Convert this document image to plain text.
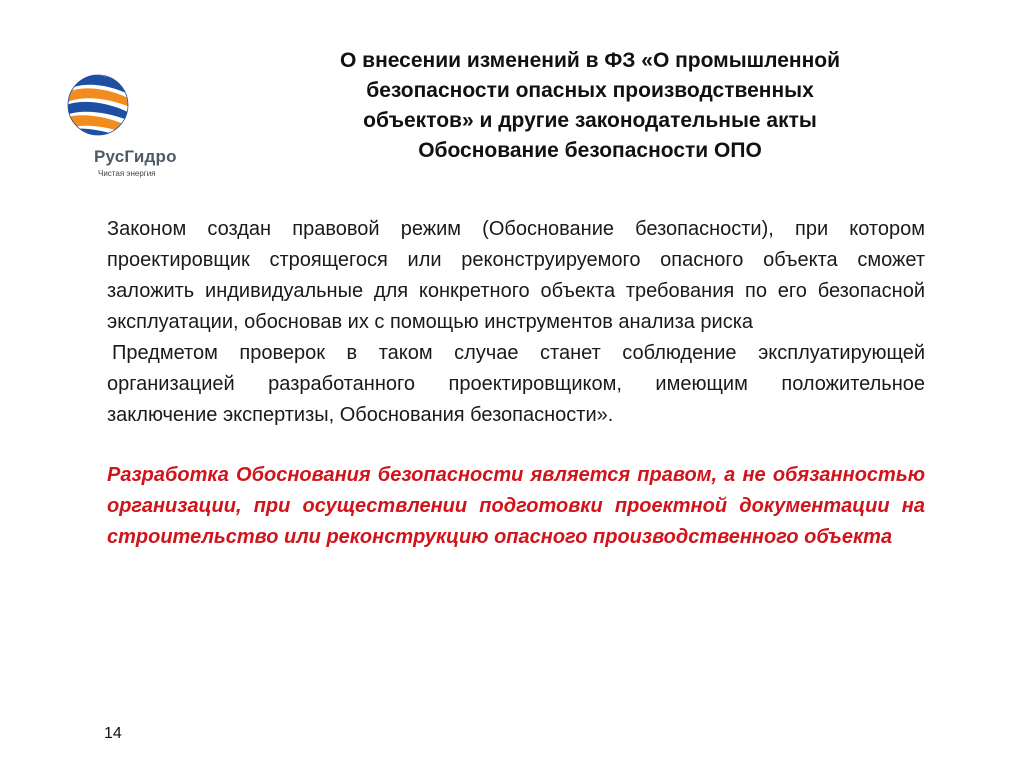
РусГидро
Чистая энергия
О внесении изменений в ФЗ «О промышленной
безопасности опасных производственных
объектов» и другие законодательные акты
Обоснование безопасности ОПО

Законом создан правовой режим (Обоснование безопасности), при котором проектировщик строящегося или реконструируемого опасного объекта сможет заложить индивидуальные для конкретного объекта требования по его безопасной эксплуатации, обосновав их с помощью инструментов анализа риска

Предметом проверок в таком случае станет соблюдение эксплуатирующей организацией разработанного проектировщиком, имеющим положительное заключение экспертизы, Обоснования безопасности».

Разработка Обоснования безопасности является правом, а не обязанностью организации, при осуществлении подготовки проектной документации на строительство или реконструкцию опасного производственного объекта

14
